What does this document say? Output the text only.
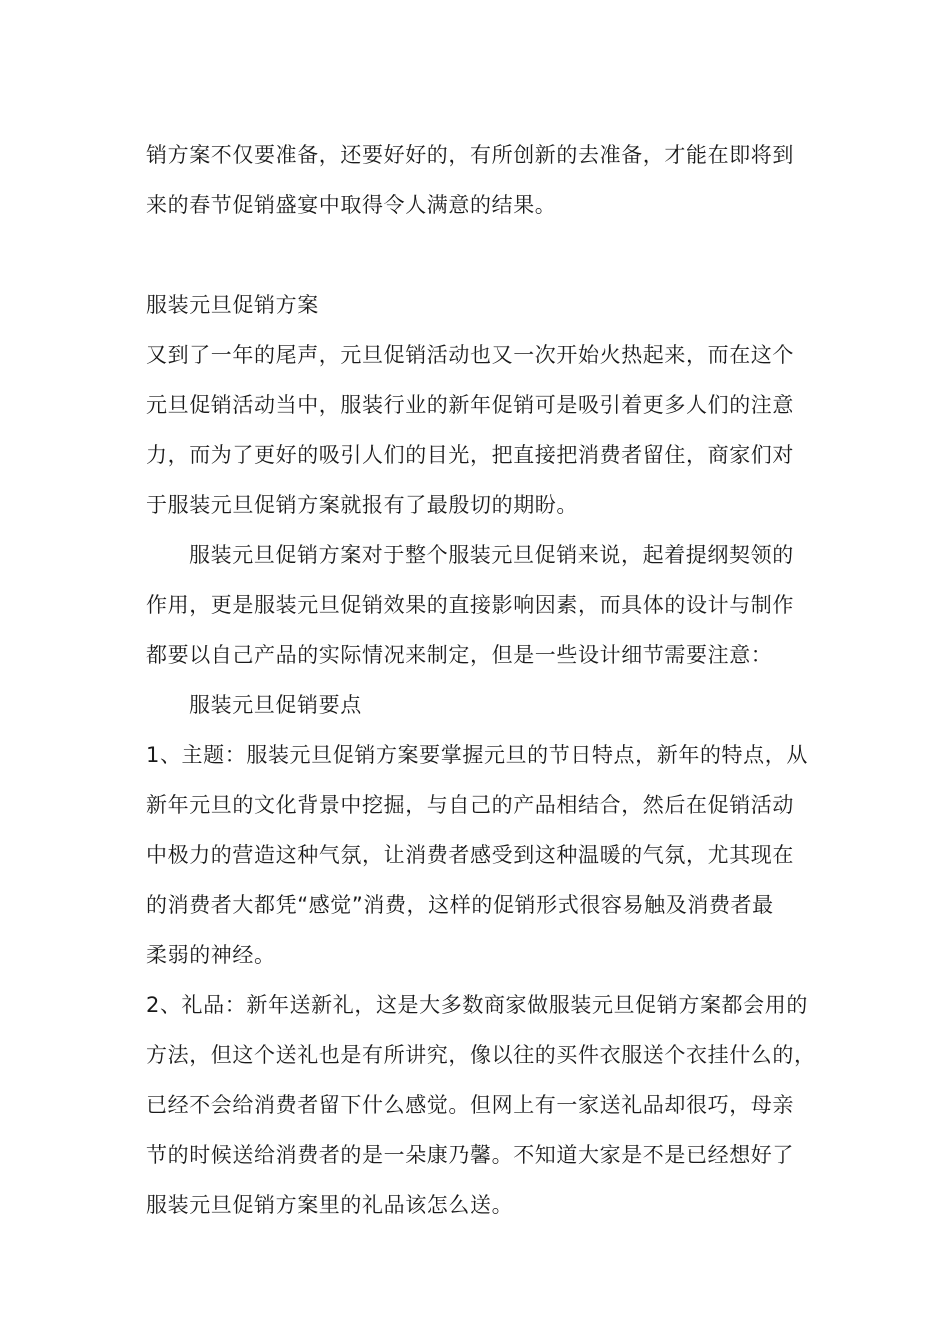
销方案不仅要准备，还要好好的，有所创新的去准备，才能在即将到
来的春节促销盛宴中取得令人满意的结果。
服装元旦促销方案
又到了一年的尾声，元旦促销活动也又一次开始火热起来，而在这个
元旦促销活动当中，服装行业的新年促销可是吸引着更多人们的注意
力，而为了更好的吸引人们的目光，把直接把消费者留住，商家们对
于服装元旦促销方案就报有了最殷切的期盼。
服装元旦促销方案对于整个服装元旦促销来说，起着提纲契领的
作用，更是服装元旦促销效果的直接影响因素，而具体的设计与制作
都要以自己产品的实际情况来制定，但是一些设计细节需要注意：
服装元旦促销要点
1、主题：服装元旦促销方案要掌握元旦的节日特点，新年的特点，从
新年元旦的文化背景中挖掘，与自己的产品相结合，然后在促销活动
中极力的营造这种气氛，让消费者感受到这种温暖的气氛，尤其现在
的消费者大都凭“感觉”消费，这样的促销形式很容易触及消费者最
柔弱的神经。
2、礼品：新年送新礼，这是大多数商家做服装元旦促销方案都会用的
方法，但这个送礼也是有所讲究，像以往的买件衣服送个衣挂什么的，
已经不会给消费者留下什么感觉。但网上有一家送礼品却很巧，母亲
节的时候送给消费者的是一朵康乃馨。不知道大家是不是已经想好了
服装元旦促销方案里的礼品该怎么送。
